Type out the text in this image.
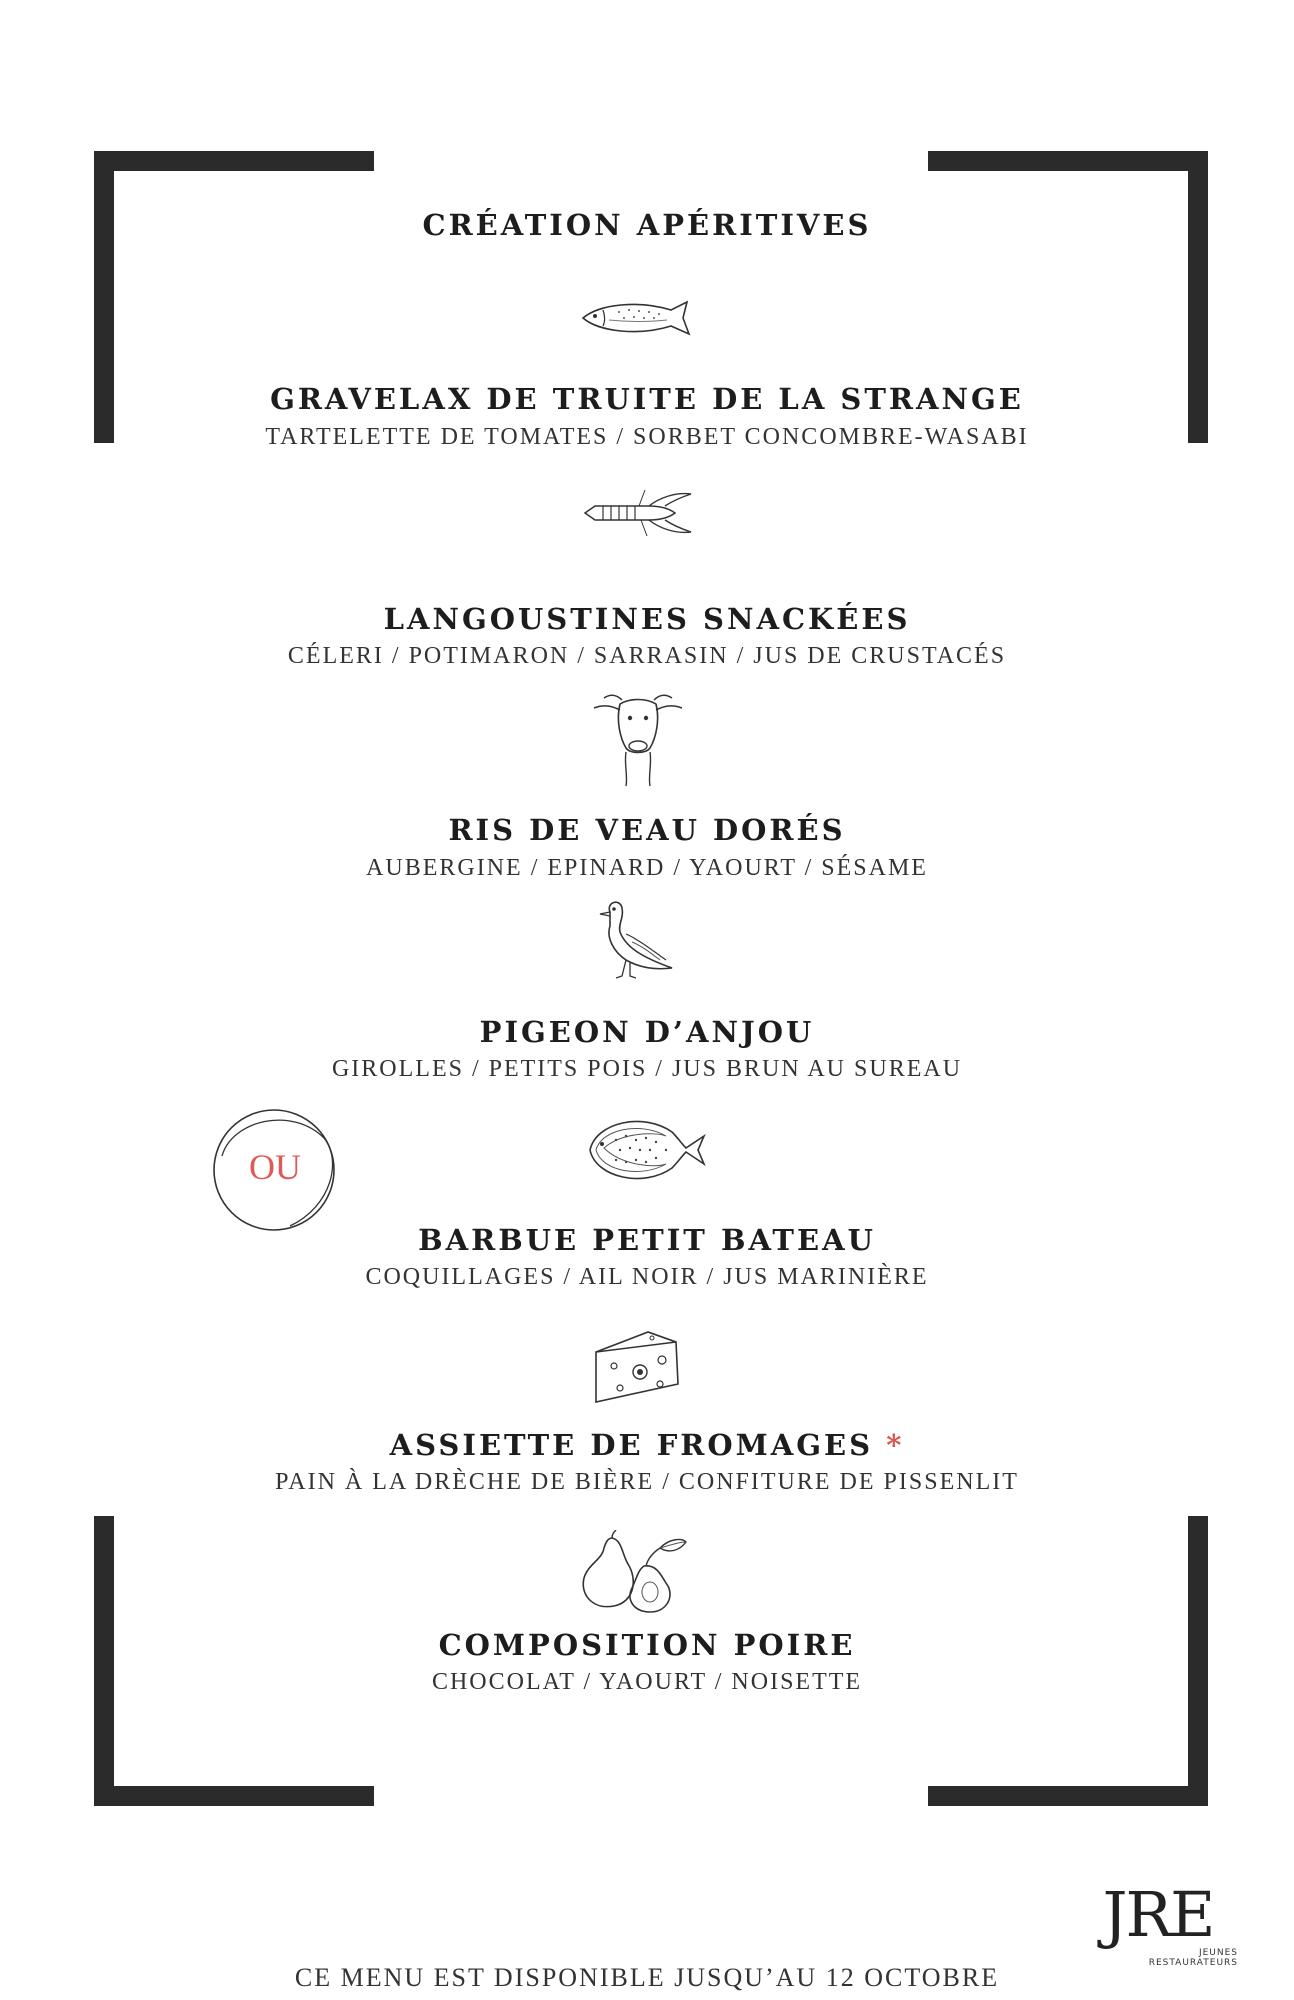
CRÉATION APÉRITIVES
GRAVELAX DE TRUITE DE LA STRANGE
TARTELETTE DE TOMATES / SORBET CONCOMBRE-WASABI
LANGOUSTINES SNACKÉES
CÉLERI / POTIMARON / SARRASIN / JUS DE CRUSTACÉS
RIS DE VEAU DORÉS
AUBERGINE / EPINARD / YAOURT / SÉSAME
PIGEON D’ANJOU
GIROLLES / PETITS POIS / JUS BRUN AU SUREAU
OU
BARBUE PETIT BATEAU
COQUILLAGES / AIL NOIR / JUS MARINIÈRE
ASSIETTE DE FROMAGES *
PAIN À LA DRÈCHE DE BIÈRE / CONFITURE DE PISSENLIT
COMPOSITION POIRE
CHOCOLAT / YAOURT / NOISETTE
JRE
JEUNES RESTAURATEURS
CE MENU EST DISPONIBLE JUSQU’AU 12 OCTOBRE
